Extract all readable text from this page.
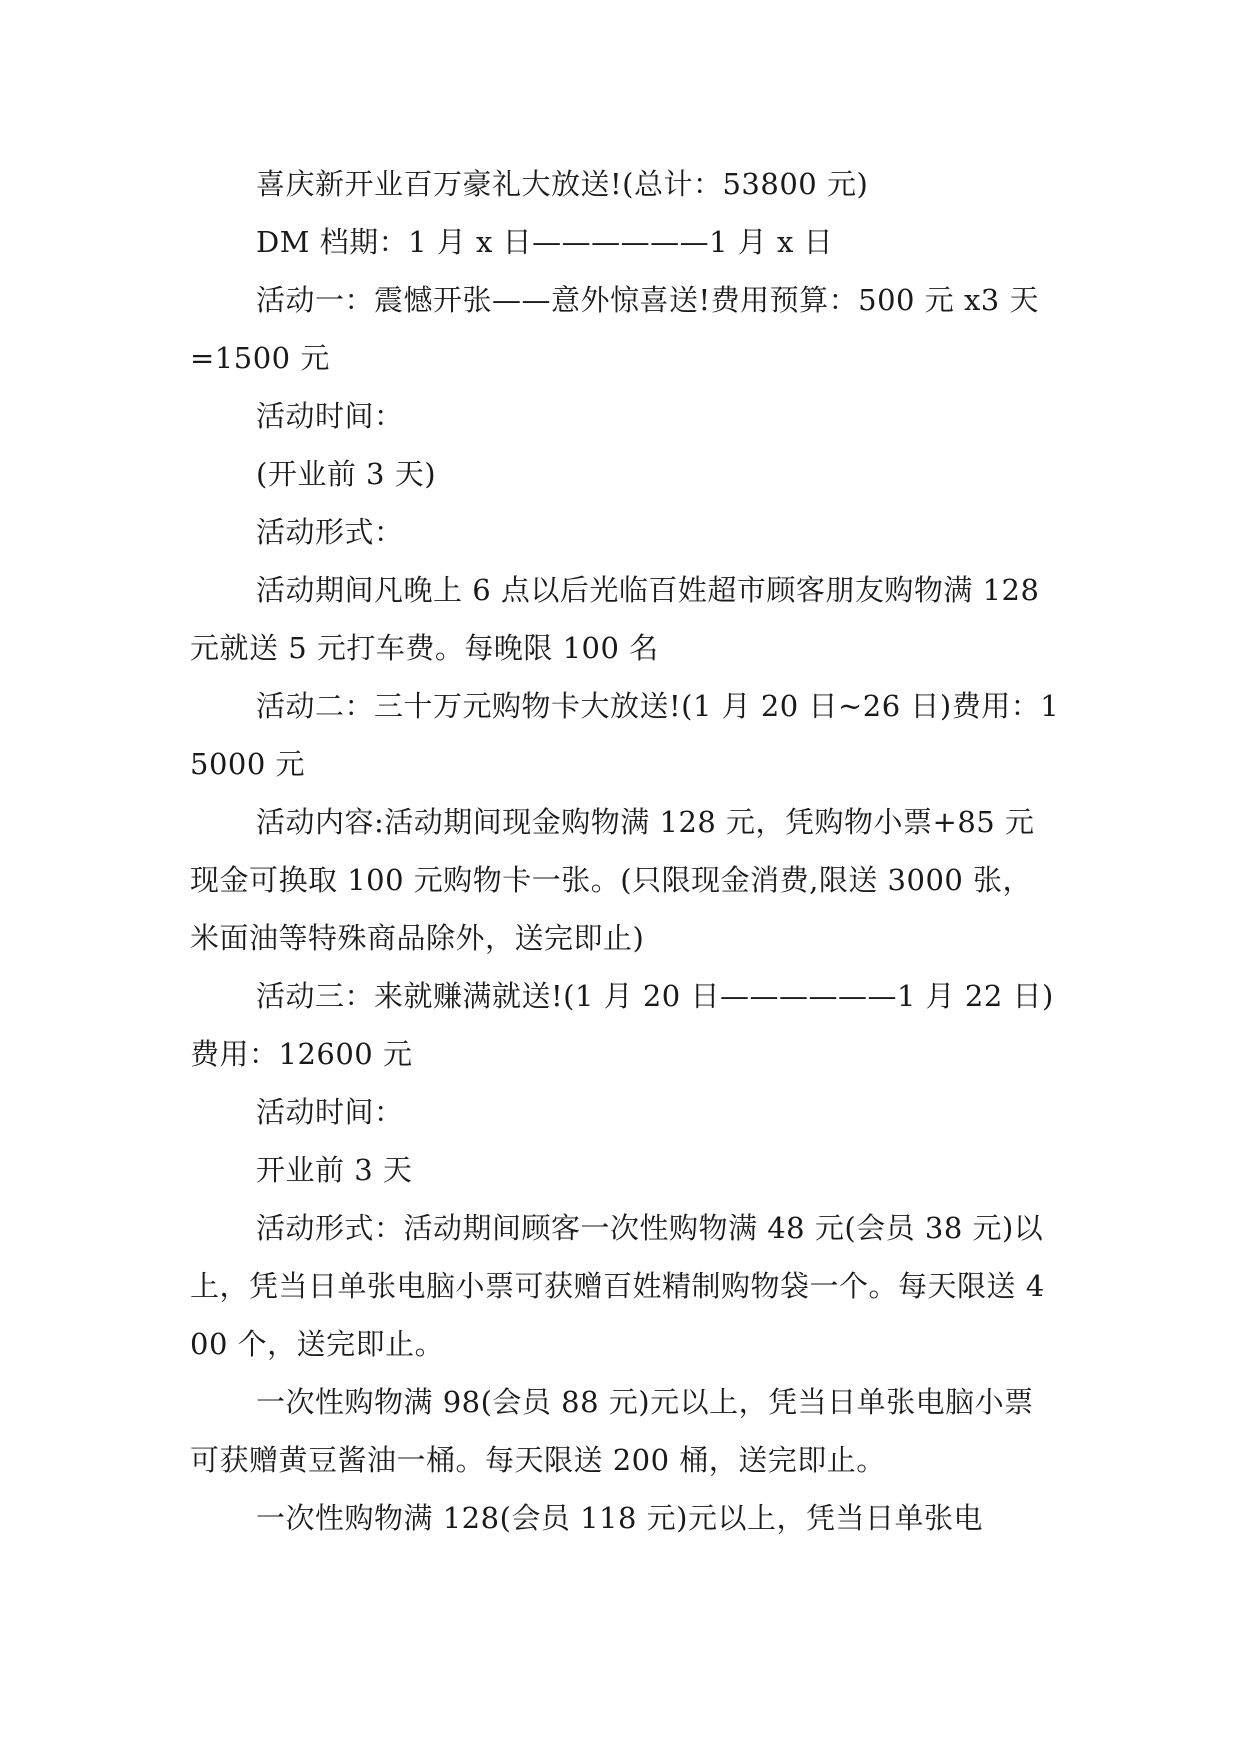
喜庆新开业百万豪礼大放送!(总计：53800 元)

DM 档期：1 月 x 日——————1 月 x 日

活动一：震憾开张——意外惊喜送!费用预算：500 元 x3 天=1500 元

活动时间：

(开业前 3 天)

活动形式：

活动期间凡晚上 6 点以后光临百姓超市顾客朋友购物满 128 元就送 5 元打车费。每晚限 100 名

活动二：三十万元购物卡大放送!(1 月 20 日~26 日)费用：15000 元

活动内容:活动期间现金购物满 128 元，凭购物小票+85 元现金可换取 100 元购物卡一张。(只限现金消费,限送 3000 张，米面油等特殊商品除外，送完即止)

活动三：来就赚满就送!(1 月 20 日——————1 月 22 日)费用：12600 元

活动时间：

开业前 3 天

活动形式：活动期间顾客一次性购物满 48 元(会员 38 元)以上，凭当日单张电脑小票可获赠百姓精制购物袋一个。每天限送 400 个，送完即止。

一次性购物满 98(会员 88 元)元以上，凭当日单张电脑小票可获赠黄豆酱油一桶。每天限送 200 桶，送完即止。

一次性购物满 128(会员 118 元)元以上，凭当日单张电
